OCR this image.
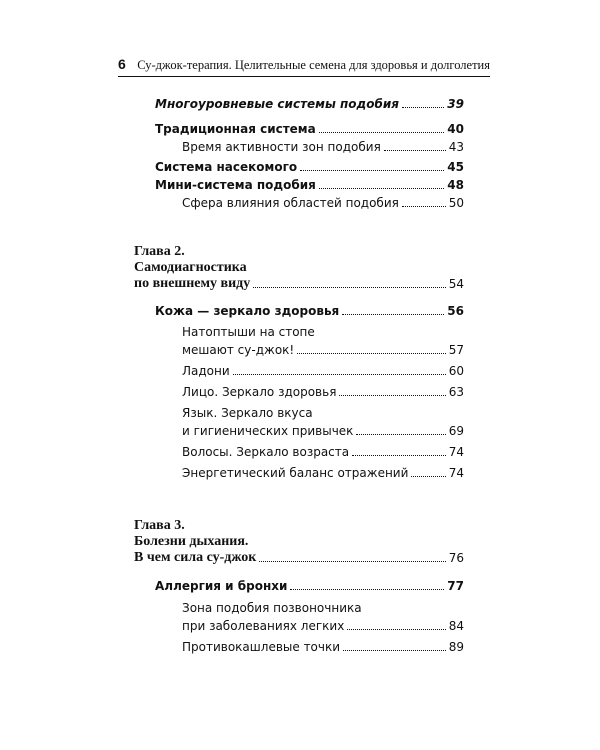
6 Су-джок-терапия. Целительные семена для здоровья и долголетия
Многоуровневые системы подобия	39
Традиционная система	40
Время активности зон подобия	43
Система насекомого	45
Мини-система подобия	48
Сфера влияния областей подобия	50
Глава 2.
Самодиагностика
по внешнему виду	54
Кожа — зеркало здоровья	56
Натоптыши на стопе
мешают су-джок!	57
Ладони	60
Лицо. Зеркало здоровья	63
Язык. Зеркало вкуса
и гигиенических привычек	69
Волосы. Зеркало возраста	74
Энергетический баланс отражений	74
Глава 3.
Болезни дыхания.
В чем сила су-джок	76
Аллергия и бронхи	77
Зона подобия позвоночника
при заболеваниях легких	84
Противокашлевые точки	89
